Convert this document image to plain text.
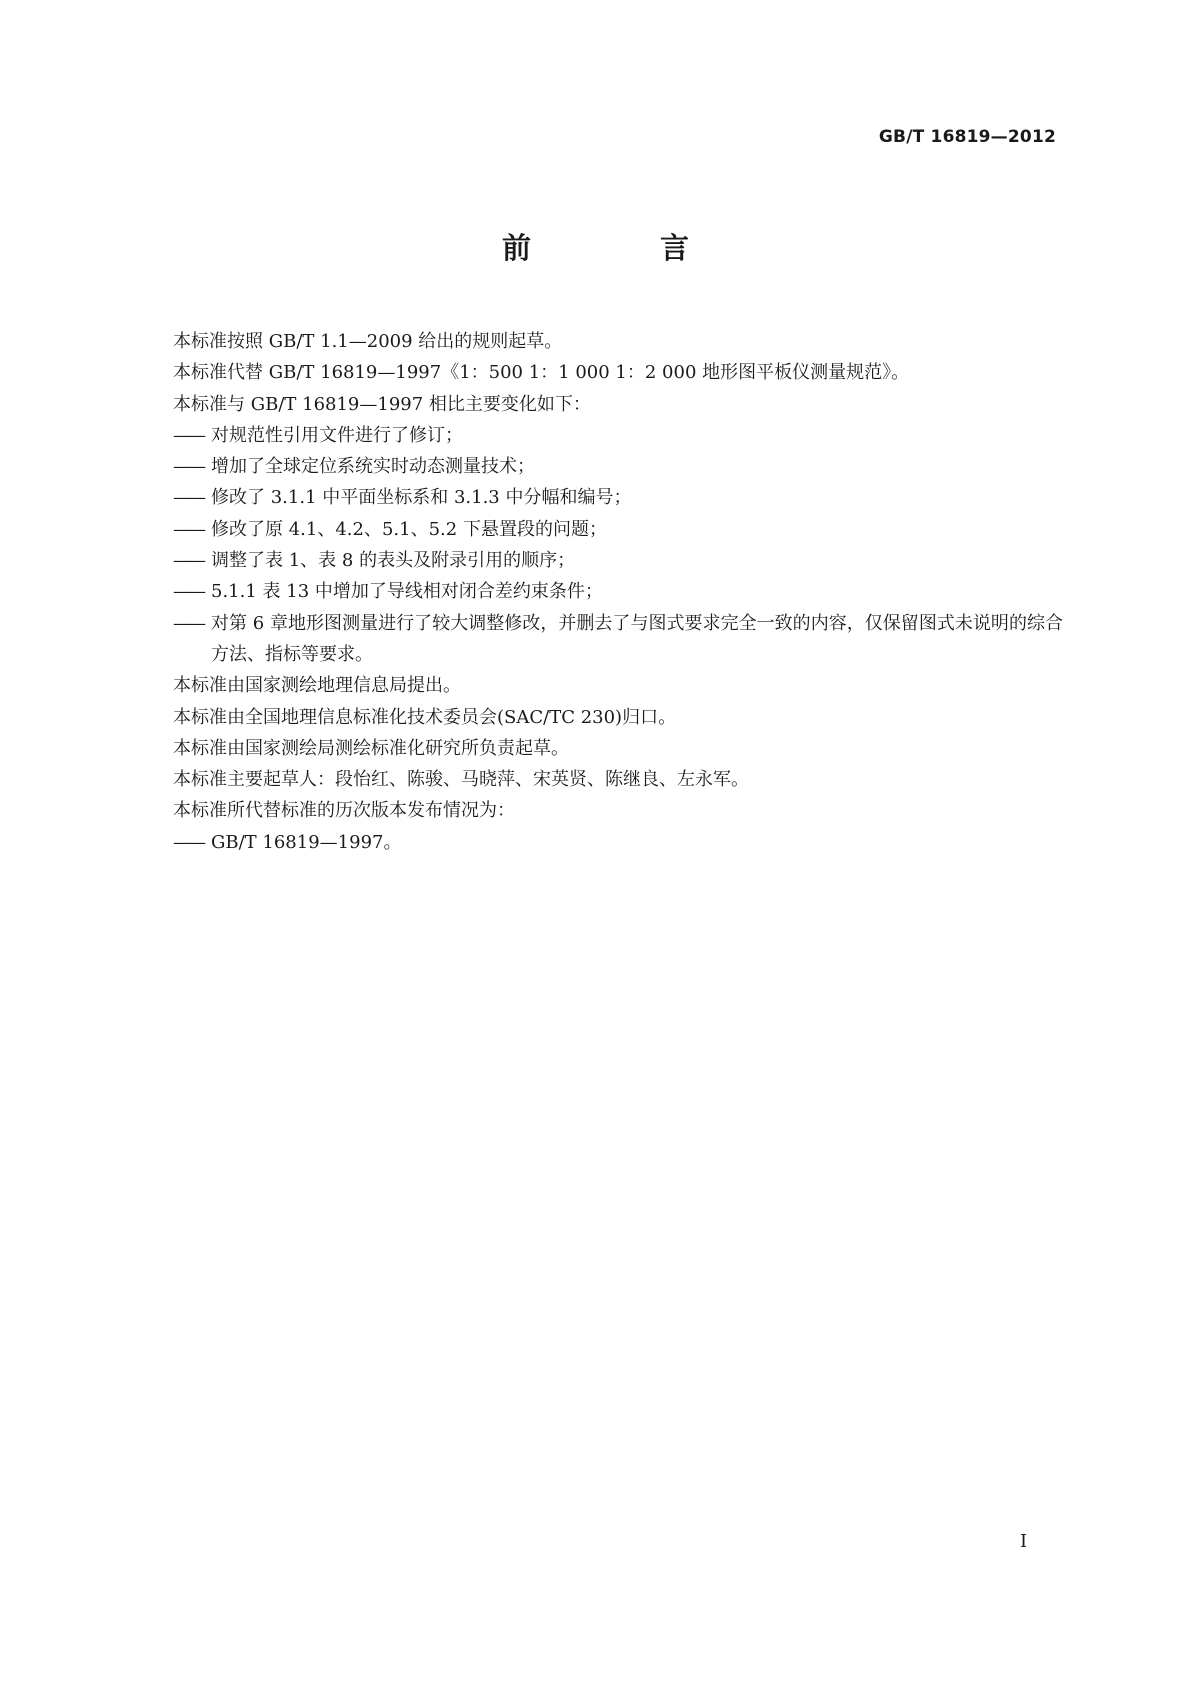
GB/T 16819—2012
前　言
本标准按照 GB/T 1.1—2009 给出的规则起草。
本标准代替 GB/T 16819—1997《1：500 1：1 000 1：2 000 地形图平板仪测量规范》。
本标准与 GB/T 16819—1997 相比主要变化如下：
—— 对规范性引用文件进行了修订；
—— 增加了全球定位系统实时动态测量技术；
—— 修改了 3.1.1 中平面坐标系和 3.1.3 中分幅和编号；
—— 修改了原 4.1、4.2、5.1、5.2 下悬置段的问题；
—— 调整了表 1、表 8 的表头及附录引用的顺序；
—— 5.1.1 表 13 中增加了导线相对闭合差约束条件；
—— 对第 6 章地形图测量进行了较大调整修改，并删去了与图式要求完全一致的内容，仅保留图式未说明的综合方法、指标等要求。
本标准由国家测绘地理信息局提出。
本标准由全国地理信息标准化技术委员会(SAC/TC 230)归口。
本标准由国家测绘局测绘标准化研究所负责起草。
本标准主要起草人：段怡红、陈骏、马晓萍、宋英贤、陈继良、左永军。
本标准所代替标准的历次版本发布情况为：
—— GB/T 16819—1997。
I
